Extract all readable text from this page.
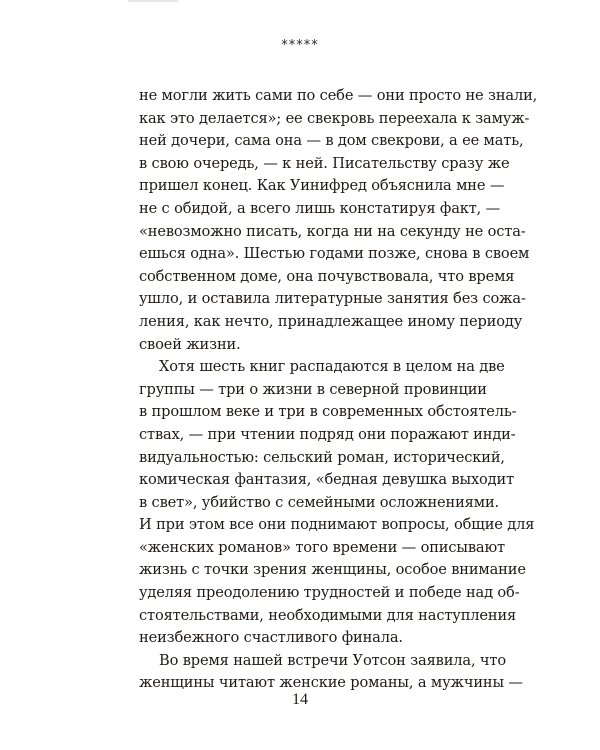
*****
не могли жить сами по себе — они просто не знали,
как это делается»; ее свекровь переехала к замуж-
ней дочери, сама она — в дом свекрови, а ее мать,
в свою очередь, — к ней. Писательству сразу же
пришел конец. Как Уинифред объяснила мне —
не с обидой, а всего лишь констатируя факт, —
«невозможно писать, когда ни на секунду не оста-
ешься одна». Шестью годами позже, снова в своем
собственном доме, она почувствовала, что время
ушло, и оставила литературные занятия без сожа-
ления, как нечто, принадлежащее иному периоду
своей жизни.
Хотя шесть книг распадаются в целом на две
группы — три о жизни в северной провинции
в прошлом веке и три в современных обстоятель-
ствах, — при чтении подряд они поражают инди-
видуальностью: сельский роман, исторический,
комическая фантазия, «бедная девушка выходит
в свет», убийство с семейными осложнениями.
И при этом все они поднимают вопросы, общие для
«женских романов» того времени — описывают
жизнь с точки зрения женщины, особое внимание
уделяя преодолению трудностей и победе над об-
стоятельствами, необходимыми для наступления
неизбежного счастливого финала.
Во время нашей встречи Уотсон заявила, что
женщины читают женские романы, а мужчины —
14
